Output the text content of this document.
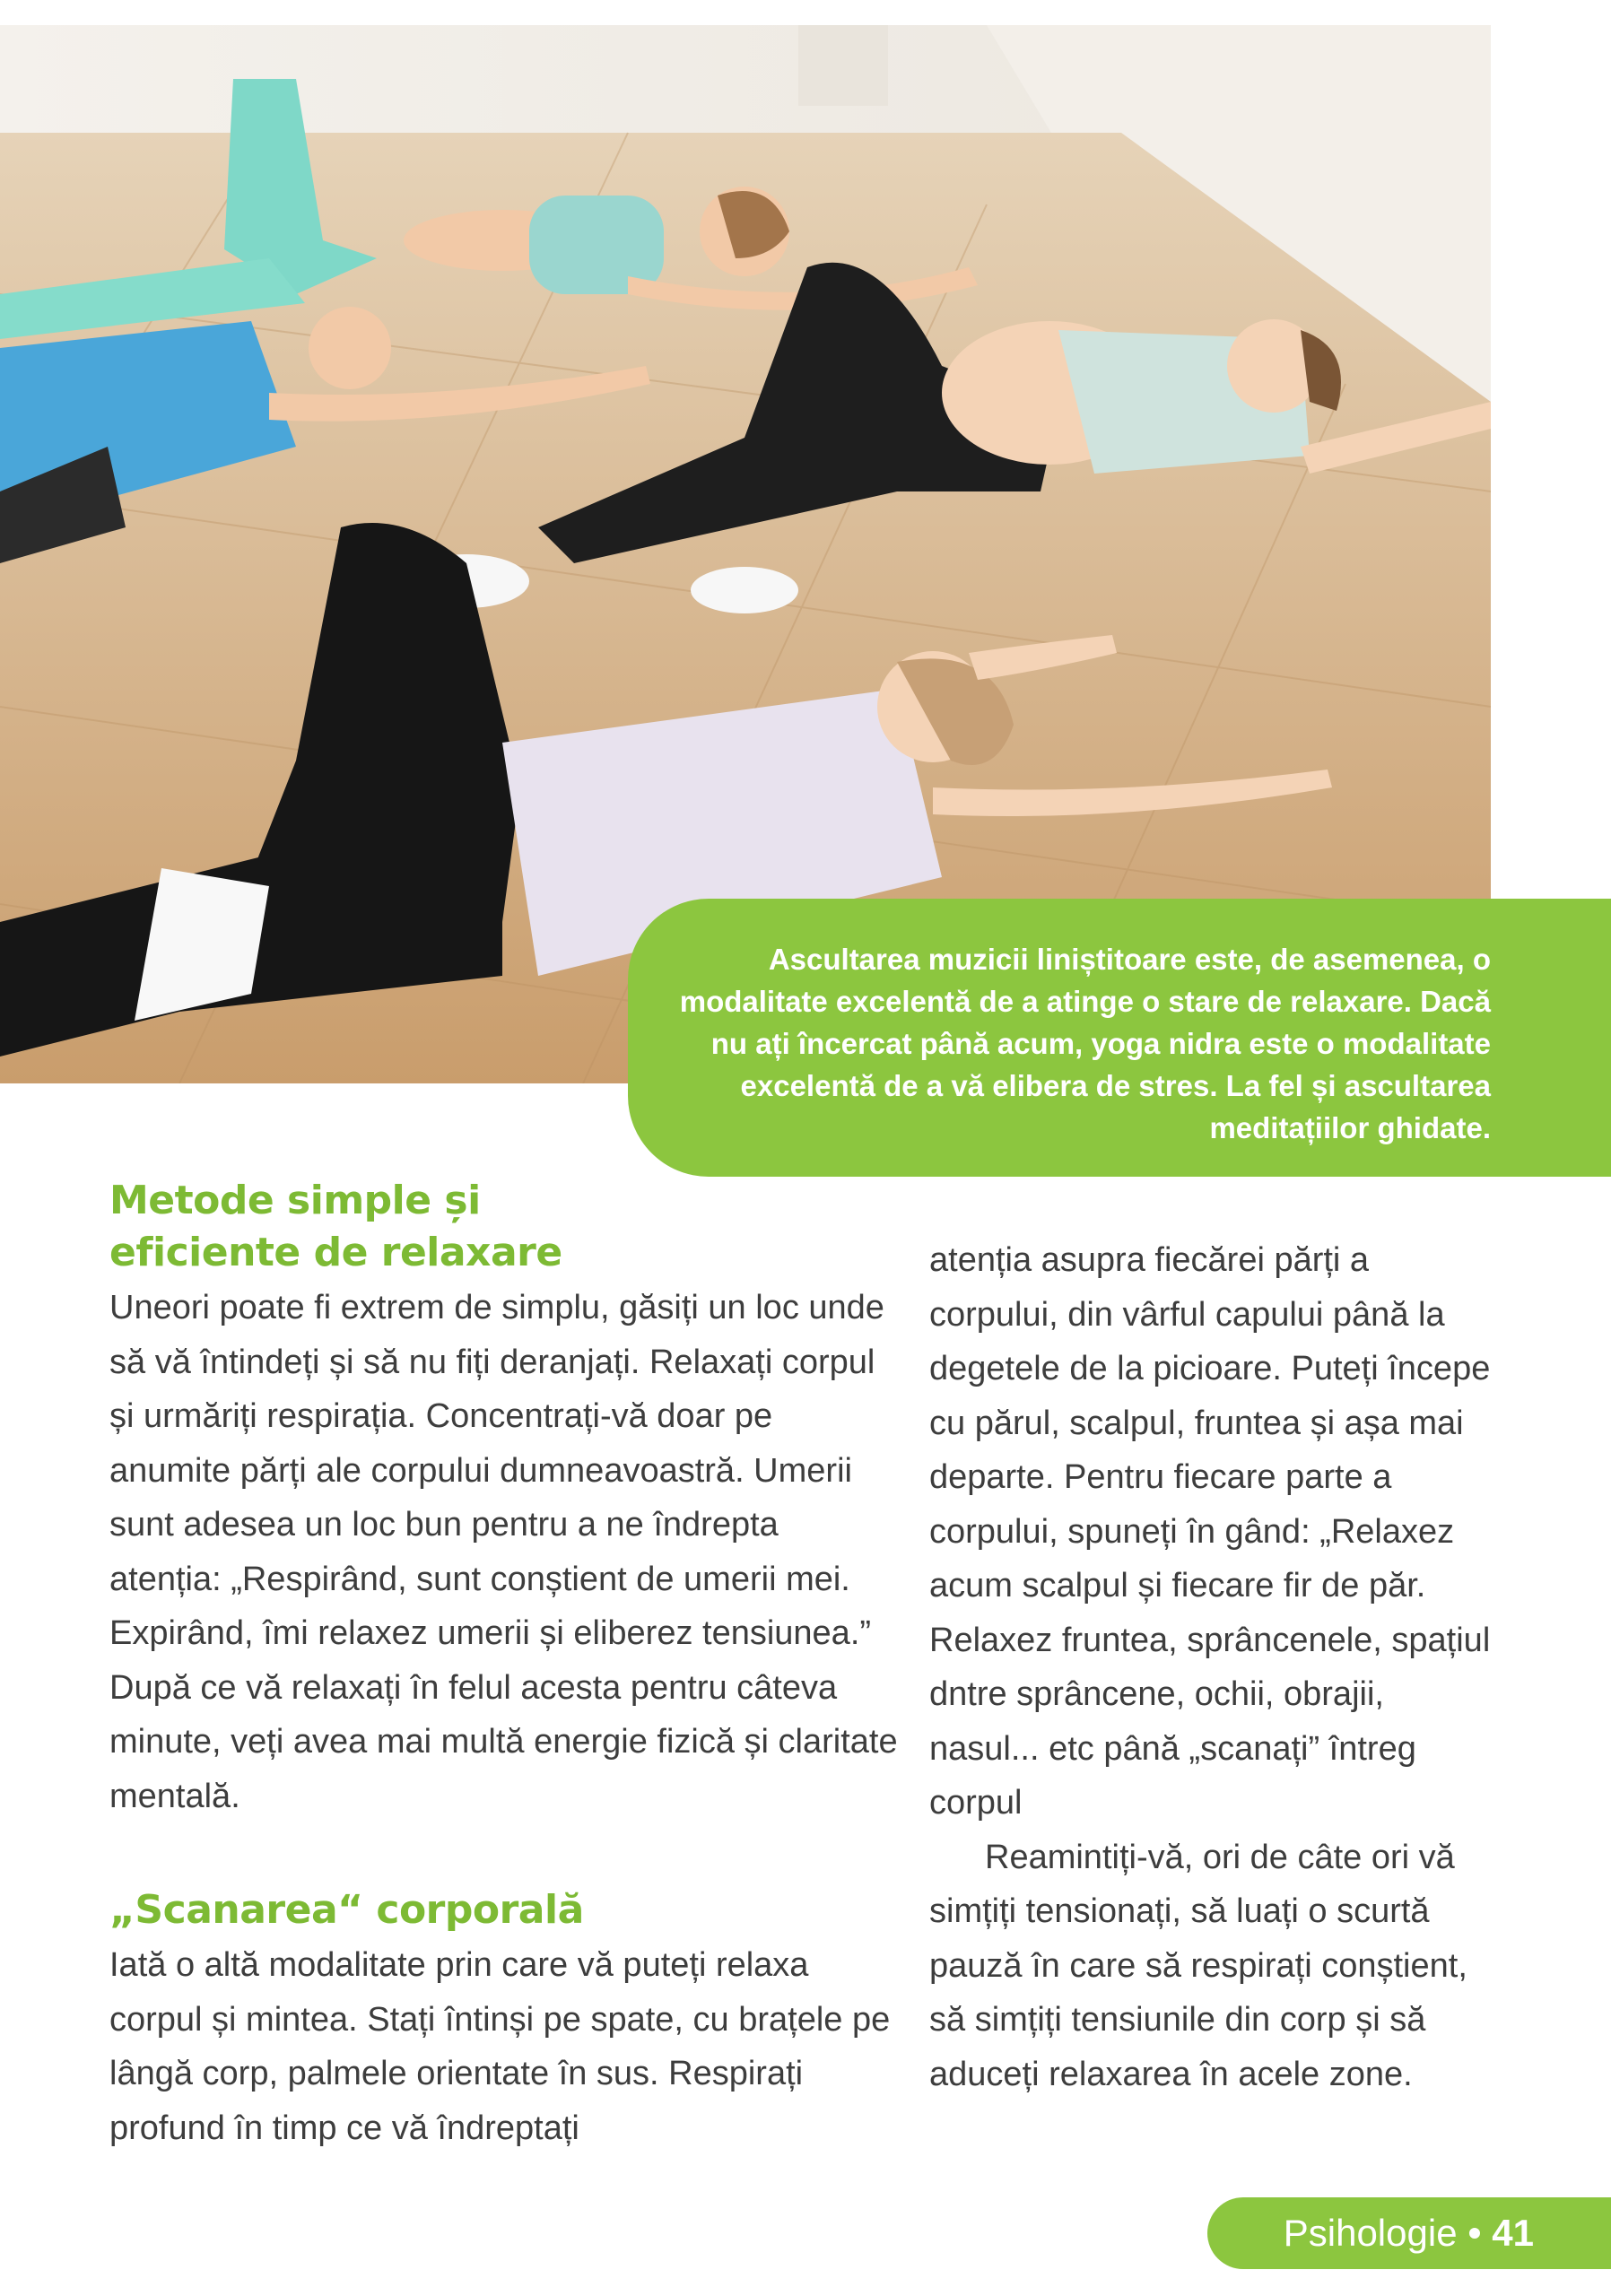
Ascultarea muzicii liniștitoare este, de asemenea, o modalitate excelentă de a atinge o stare de relaxare. Dacă nu ați încercat până acum, yoga nidra este o modalitate excelentă de a vă elibera de stres. La fel și ascultarea meditațiilor ghidate.

Metode simple și
eficiente de relaxare

Uneori poate fi extrem de simplu, găsiți un loc unde să vă întindeți și să nu fiți deranjați. Relaxați corpul și urmăriți respirația. Concentrați-vă doar pe anumite părți ale corpului dumneavoastră. Umerii sunt adesea un loc bun pentru a ne îndrepta atenția: „Respirând, sunt conștient de umerii mei. Expirând, îmi relaxez umerii și eliberez tensiunea.” După ce vă relaxați în felul acesta pentru câteva minute, veți avea mai multă energie fizică și claritate mentală.

„Scanarea“ corporală

Iată o altă modalitate prin care vă puteți relaxa corpul și mintea. Stați întinși pe spate, cu brațele pe lângă corp, palmele orientate în sus. Respirați profund în timp ce vă îndreptați

atenția asupra fiecărei părți a corpului, din vârful capului până la degetele de la picioare. Puteți începe cu părul, scalpul, fruntea și așa mai departe. Pentru fiecare parte a corpului, spuneți în gând: „Relaxez acum scalpul și fiecare fir de păr. Relaxez fruntea, sprâncenele, spațiul dntre sprâncene, ochii, obrajii, nasul... etc până „scanați” întreg corpul

Reamintiți-vă, ori de câte ori vă simțiți tensionați, să luați o scurtă pauză în care să respirați conștient, să simțiți tensiunile din corp și să aduceți relaxarea în acele zone.

Psihologie • 41
